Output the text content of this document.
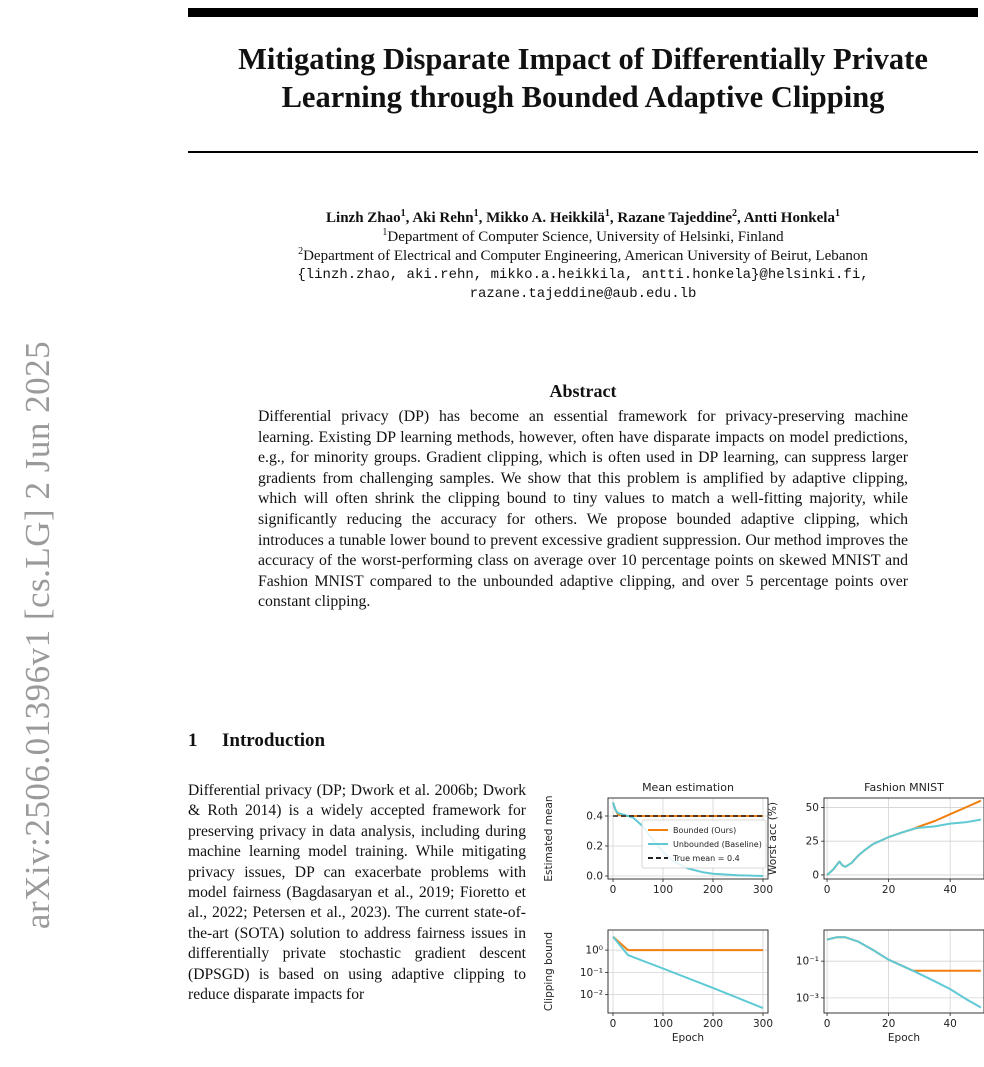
arXiv:2506.01396v1 [cs.LG] 2 Jun 2025
Mitigating Disparate Impact of Differentially Private Learning through Bounded Adaptive Clipping
Linzh Zhao$^1$, Aki Rehn$^1$, Mikko A. Heikkilä$^1$, Razane Tajeddine$^2$, Antti Honkela$^1$
$^1$Department of Computer Science, University of Helsinki, Finland
$^2$Department of Electrical and Computer Engineering, American University of Beirut, Lebanon
{linzh.zhao, aki.rehn, mikko.a.heikkila, antti.honkela}@helsinki.fi,
razane.tajeddine@aub.edu.lb
Abstract
Differential privacy (DP) has become an essential framework for privacy-preserving machine learning. Existing DP learning methods, however, often have disparate impacts on model predictions, e.g., for minority groups. Gradient clipping, which is often used in DP learning, can suppress larger gradients from challenging samples. We show that this problem is amplified by adaptive clipping, which will often shrink the clipping bound to tiny values to match a well-fitting majority, while significantly reducing the accuracy for others. We propose bounded adaptive clipping, which introduces a tunable lower bound to prevent excessive gradient suppression. Our method improves the accuracy of the worst-performing class on average over 10 percentage points on skewed MNIST and Fashion MNIST compared to the unbounded adaptive clipping, and over 5 percentage points over constant clipping.
1 Introduction
Differential privacy (DP; Dwork et al. 2006b; Dwork & Roth 2014) is a widely accepted framework for preserving privacy in data analysis, including during machine learning model training. While mitigating privacy issues, DP can exacerbate problems with model fairness (Bagdasaryan et al., 2019; Fioretto et al., 2022; Petersen et al., 2023). The current state-of-the-art (SOTA) solution to address fairness issues in differentially private stochastic gradient descent (DPSGD) is based on using adaptive clipping to reduce disparate impacts for
0	100	200	300
0.0
0.2
0.4
Mean estimation
Estimated mean	Bounded (Ours)
Unbounded (Baseline)
True mean = 0.4
0	20	40
0
25
50
Fashion MNIST
Worst acc (%)
0	100	200	300
10⁰
10⁻¹
10⁻²
Epoch
Clipping bound
0	20	40
10⁻¹
10⁻³
Epoch
